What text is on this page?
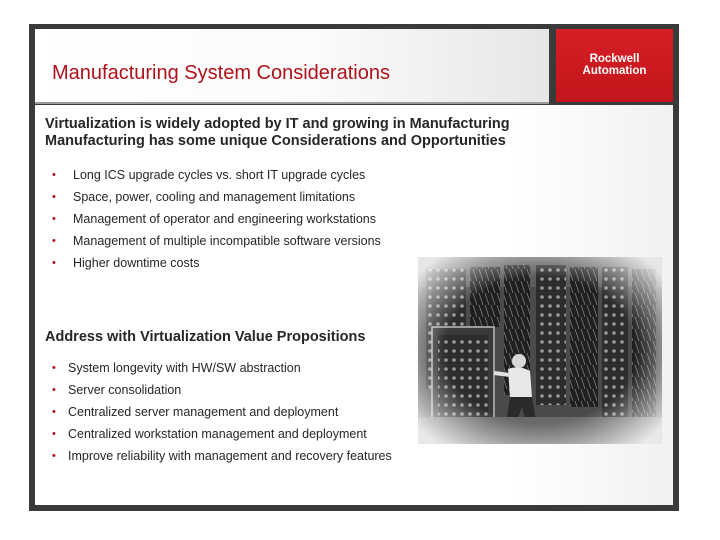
Manufacturing System Considerations
Rockwell
Automation
Virtualization is widely adopted by IT and growing in Manufacturing
Manufacturing has some unique Considerations and Opportunities
• Long ICS upgrade cycles vs. short IT upgrade cycles
• Space, power, cooling and management limitations
• Management of operator and engineering workstations
• Management of multiple incompatible software versions
• Higher downtime costs
Address with Virtualization Value Propositions
• System longevity with HW/SW abstraction
• Server consolidation
• Centralized server management and deployment
• Centralized workstation management and deployment
• Improve reliability with management and recovery features
